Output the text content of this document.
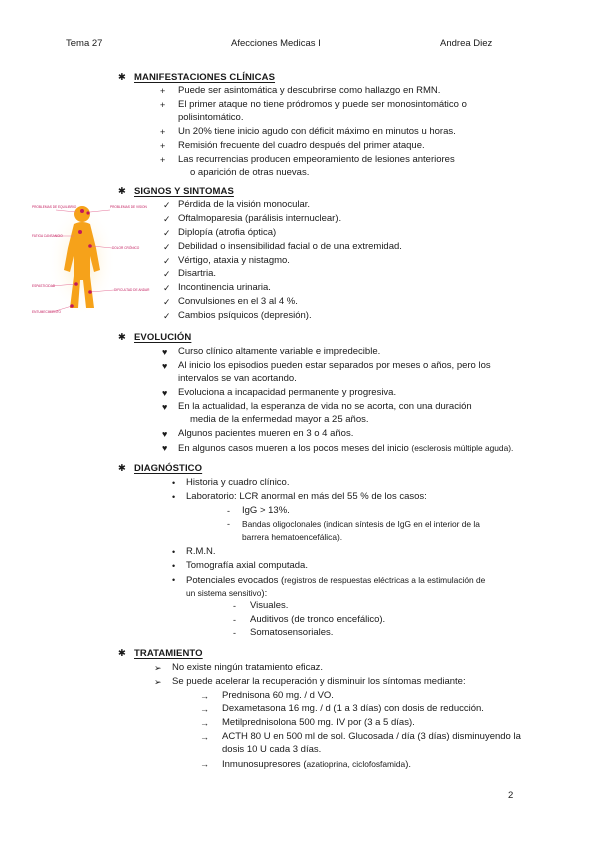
Tema 27	Afecciones Medicas I	Andrea Diez
✱ MANIFESTACIONES CLÍNICAS
+ Puede ser asintomática y descubrirse como hallazgo en RMN.
+ El primer ataque no tiene pródromos y puede ser monosintomático o
polisintomático.
+ Un 20% tiene inicio agudo con déficit máximo en minutos u horas.
+ Remisión frecuente del cuadro después del primer ataque.
+ Las recurrencias producen empeoramiento de lesiones anteriores
o aparición de otras nuevas.
✱ SIGNOS Y SINTOMAS
PROBLEMAS DE EQUILIBRIO	PROBLEMAS DE VISION
FATIGA CANSANCIO
DOLOR CRÓNICO
ESPASTICIDAD
DIFICULTAD DE ANDAR
ENTUMECIMIENTO
✓ Pérdida de la visión monocular.
✓ Oftalmoparesia (parálisis internuclear).
✓ Diplopía (atrofia óptica)
✓ Debilidad o insensibilidad facial o de una extremidad.
✓ Vértigo, ataxia y nistagmo.
✓ Disartria.
✓ Incontinencia urinaria.
✓ Convulsiones en el 3 al 4 %.
✓ Cambios psíquicos (depresión).
✱ EVOLUCIÓN
♥ Curso clínico altamente variable e impredecible.
♥ Al inicio los episodios pueden estar separados por meses o años, pero los
intervalos se van acortando.
♥ Evoluciona a incapacidad permanente y progresiva.
♥ En la actualidad, la esperanza de vida no se acorta, con una duración
media de la enfermedad mayor a 25 años.
♥ Algunos pacientes mueren en 3 o 4 años.
♥ En algunos casos mueren a los pocos meses del inicio (esclerosis múltiple aguda).
✱ DIAGNÓSTICO
• Historia y cuadro clínico.
• Laboratorio: LCR anormal en más del 55 % de los casos:
- IgG > 13%.
- Bandas oligoclonales (indican síntesis de IgG en el interior de la
barrera hematoencefálica).
• R.M.N.
• Tomografía axial computada.
• Potenciales evocados (registros de respuestas eléctricas a la estimulación de
un sistema sensitivo):
- Visuales.
- Auditivos (de tronco encefálico).
- Somatosensoriales.
✱ TRATAMIENTO
➢ No existe ningún tratamiento eficaz.
➢ Se puede acelerar la recuperación y disminuir los síntomas mediante:
→ Prednisona 60 mg. / d VO.
→ Dexametasona 16 mg. / d (1 a 3 días) con dosis de reducción.
→ Metilprednisolona 500 mg. IV por (3 a 5 días).
→ ACTH 80 U en 500 ml de sol. Glucosada / día (3 días) disminuyendo la
dosis 10 U cada 3 días.
→ Inmunosupresores (azatioprina, ciclofosfamida).
2
